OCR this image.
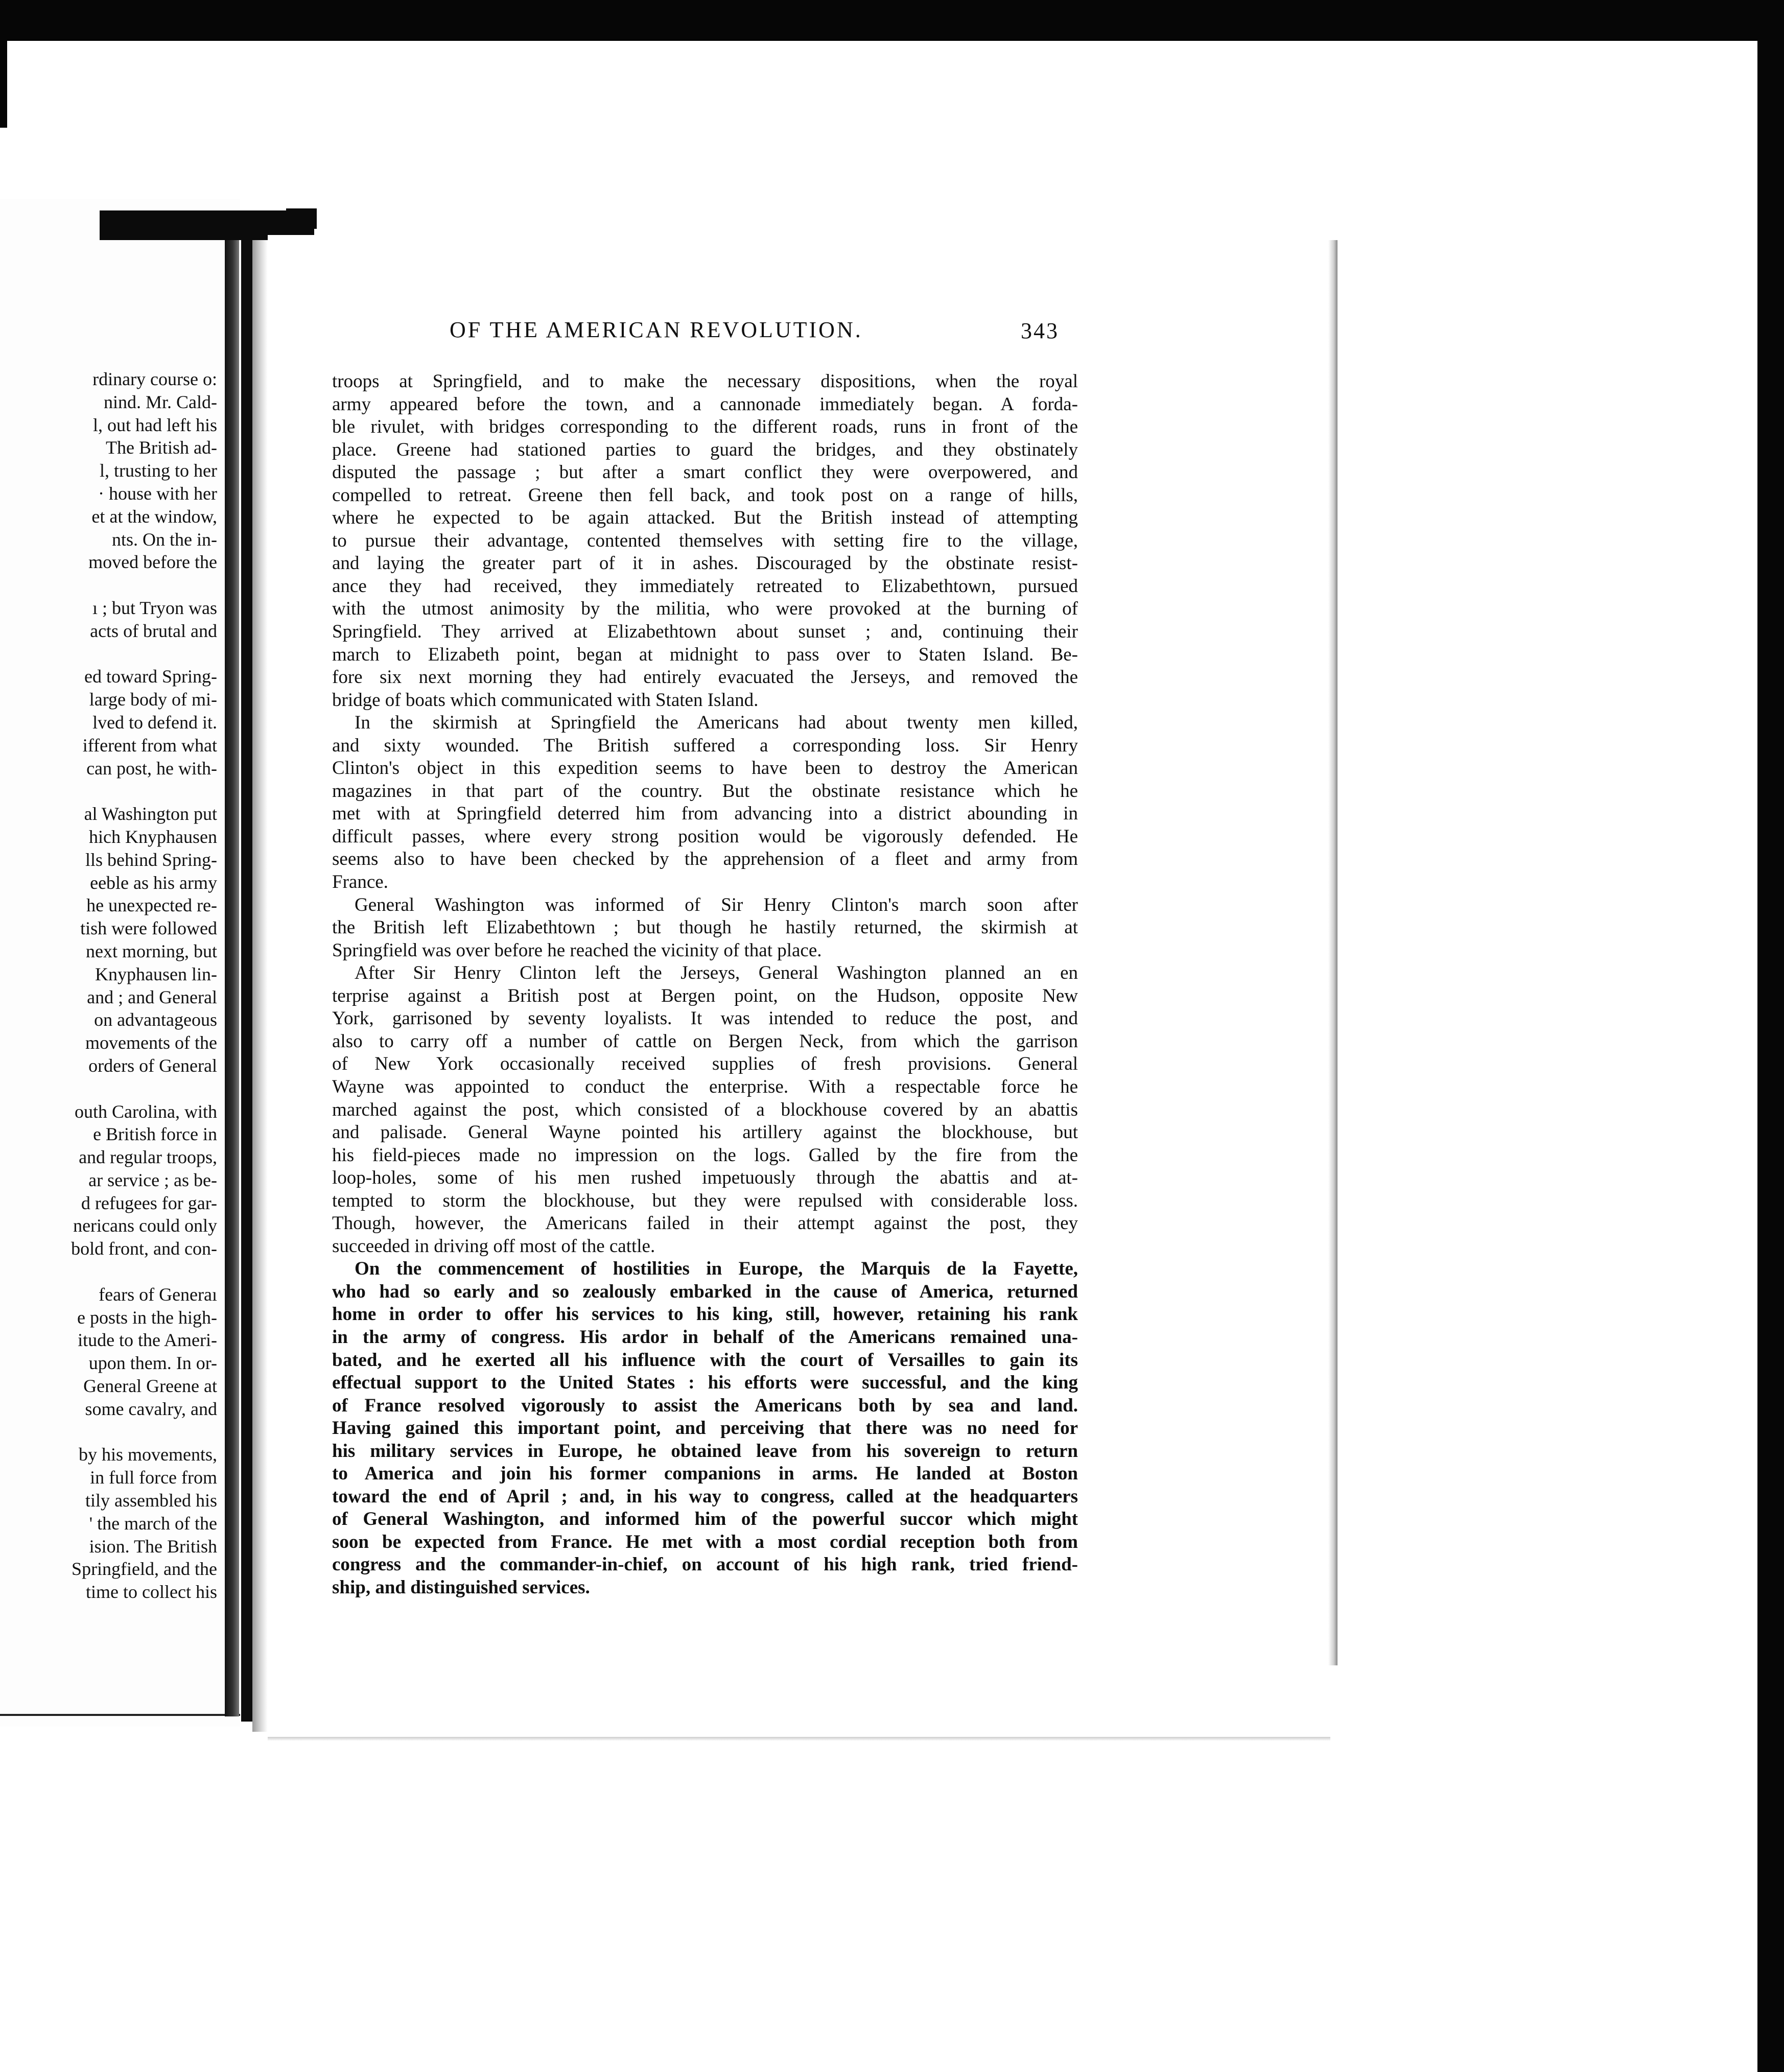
rdinary course o:
nind. Mr. Cald-
l, out had left his
The British ad-
l, trusting to her
· house with her
et at the window,
nts. On the in-
moved before the
ı ; but Tryon was
acts of brutal and
ed toward Spring-
large body of mi-
lved to defend it.
ifferent from what
can post, he with-
al Washington put
hich Knyphausen
lls behind Spring-
eeble as his army
he unexpected re-
tish were followed
next morning, but
Knyphausen lin-
and ; and General
on advantageous
movements of the
orders of General
outh Carolina, with
e British force in
and regular troops,
ar service ; as be-
d refugees for gar-
nericans could only
bold front, and con-
fears of Generaı
e posts in the high-
itude to the Ameri-
upon them. In or-
General Greene at
some cavalry, and
by his movements,
in full force from
tily assembled his
' the march of the
ision. The British
Springfield, and the
time to collect his
OF THE AMERICAN REVOLUTION.	343
troops at Springfield, and to make the necessary dispositions, when the royal
army appeared before the town, and a cannonade immediately began. A forda-
ble rivulet, with bridges corresponding to the different roads, runs in front of the
place. Greene had stationed parties to guard the bridges, and they obstinately
disputed the passage ; but after a smart conflict they were overpowered, and
compelled to retreat. Greene then fell back, and took post on a range of hills,
where he expected to be again attacked. But the British instead of attempting
to pursue their advantage, contented themselves with setting fire to the village,
and laying the greater part of it in ashes. Discouraged by the obstinate resist-
ance they had received, they immediately retreated to Elizabethtown, pursued
with the utmost animosity by the militia, who were provoked at the burning of
Springfield. They arrived at Elizabethtown about sunset ; and, continuing their
march to Elizabeth point, began at midnight to pass over to Staten Island. Be-
fore six next morning they had entirely evacuated the Jerseys, and removed the
bridge of boats which communicated with Staten Island.
In the skirmish at Springfield the Americans had about twenty men killed,
and sixty wounded. The British suffered a corresponding loss. Sir Henry
Clinton's object in this expedition seems to have been to destroy the American
magazines in that part of the country. But the obstinate resistance which he
met with at Springfield deterred him from advancing into a district abounding in
difficult passes, where every strong position would be vigorously defended. He
seems also to have been checked by the apprehension of a fleet and army from
France.
General Washington was informed of Sir Henry Clinton's march soon after
the British left Elizabethtown ; but though he hastily returned, the skirmish at
Springfield was over before he reached the vicinity of that place.
After Sir Henry Clinton left the Jerseys, General Washington planned an en
terprise against a British post at Bergen point, on the Hudson, opposite New
York, garrisoned by seventy loyalists. It was intended to reduce the post, and
also to carry off a number of cattle on Bergen Neck, from which the garrison
of New York occasionally received supplies of fresh provisions. General
Wayne was appointed to conduct the enterprise. With a respectable force he
marched against the post, which consisted of a blockhouse covered by an abattis
and palisade. General Wayne pointed his artillery against the blockhouse, but
his field-pieces made no impression on the logs. Galled by the fire from the
loop-holes, some of his men rushed impetuously through the abattis and at-
tempted to storm the blockhouse, but they were repulsed with considerable loss.
Though, however, the Americans failed in their attempt against the post, they
succeeded in driving off most of the cattle.
On the commencement of hostilities in Europe, the Marquis de la Fayette,
who had so early and so zealously embarked in the cause of America, returned
home in order to offer his services to his king, still, however, retaining his rank
in the army of congress. His ardor in behalf of the Americans remained una-
bated, and he exerted all his influence with the court of Versailles to gain its
effectual support to the United States : his efforts were successful, and the king
of France resolved vigorously to assist the Americans both by sea and land.
Having gained this important point, and perceiving that there was no need for
his military services in Europe, he obtained leave from his sovereign to return
to America and join his former companions in arms. He landed at Boston
toward the end of April ; and, in his way to congress, called at the headquarters
of General Washington, and informed him of the powerful succor which might
soon be expected from France. He met with a most cordial reception both from
congress and the commander-in-chief, on account of his high rank, tried friend-
ship, and distinguished services.
